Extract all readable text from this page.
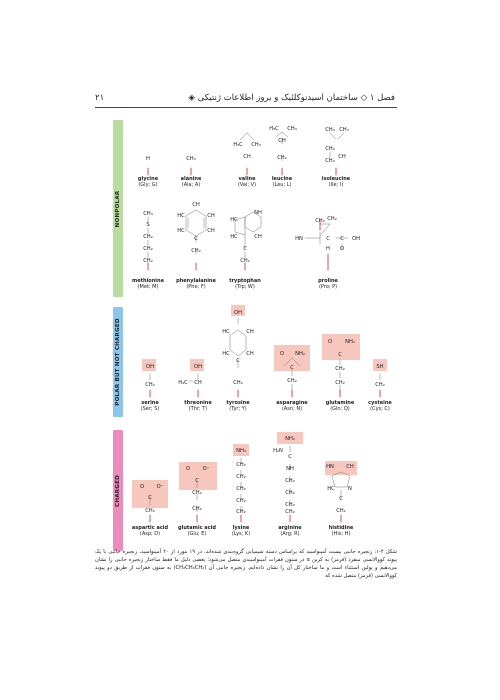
۲۱	فصل ۱ ◇ ساختمان اسیدنوکلئیک و بروز اطلاعات ژنتیکی ◈
NONPOLAR
POLAR BUT NOT CHARGED
CHARGED
H	CH₃
H₃C CH₃
CH
H₃C CH₃
CH
CH₂
CH₃
CH₂
CH₂
CH₃
CH
CH₃
S
CH₂
CH₂
CH₂
CH
HC	CH
HC	CH
C
CH₂
NH
HC
HC	CH
C
CH₂
CH₂ CH₂
HN	C C OH
O
H
OH
CH₂	H₃C
OH
CH
OH
HC	CH
HC	CH
C
CH₂
O NH₂
C
CH₂
O	NH₂
C
CH₂
CH₂
SH
CH₂
O O⁻
C
CH₂
O O⁻
C
CH₂
CH₂
NH₃
CH₂
CH₂
CH₂
CH₂
CH₂
NH₂
H₂N
C
NH
CH₂
CH₂
CH₂
CH₂
HN CH
HC	N
C
CH₂
glycine
(Gly; G)
alanine
(Ala; A)
valine
(Val; V)
leucine
(Leu; L)
isoleucine
(Ile; I)
methionine
(Met; M)
phenylalanine
(Phe; F)
tryptophan
(Trp; W)
proline
(Pro; P)
serine
(Ser; S)
threonine
(Thr; T)
tyrosine
(Tyr; Y)
asparagine
(Asn; N)
glutamine
(Gln; Q)
cysteine
(Cys; C)
aspartic acid
(Asp; D)
glutamic acid
(Glu; E)
lysine
(Lys; K)
arginine
(Arg; R)
histidine
(His; H)
شکل ۴-۱: زنجیره جانبی بیست آمینواسید که براساس دسته شیمیایی گروه‌بندی شده‌اند. در ۱۹ مورد از ۲۰ آمینواسید، زنجیره جانبی با یک پیوند کووالانسی منفرد (قرمز) به کربن α در ستون فقرات آمینواسیدی متصل می‌شود؛ بعضی دلیل ما فقط ساختار زنجیره جانبی را نشان می‌دهیم و پولین استثناء است و ما ساختار کل آن را نشان داده‌ایم. زنجیره جانبی آن (CH₂CH₂CH₂) به ستون فقرات از طریق دو پیوند کووالانسی (قرمز) متصل شده که
